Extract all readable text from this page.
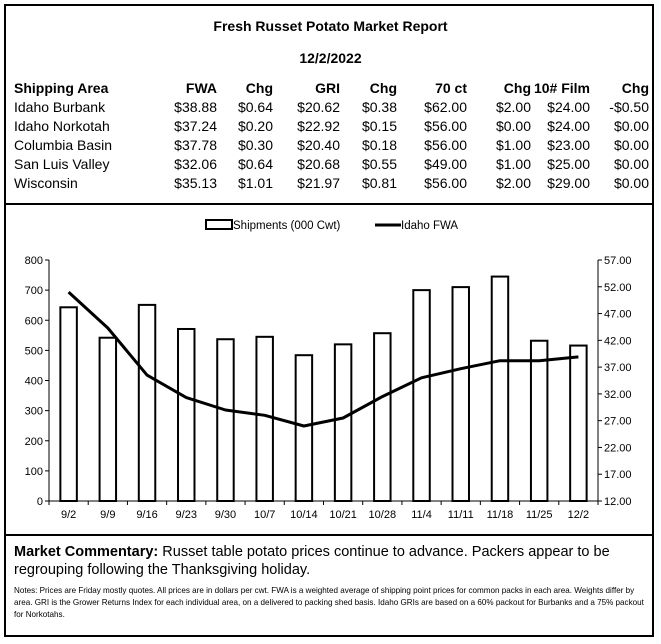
Fresh Russet Potato Market Report
12/2/2022
Shipping Area	FWA	Chg	GRI	Chg	70 ct	Chg	10# Film	Chg
Idaho Burbank	$38.88	$0.64	$20.62	$0.38	$62.00	$2.00	$24.00	-$0.50
Idaho Norkotah	$37.24	$0.20	$22.92	$0.15	$56.00	$0.00	$24.00	$0.00
Columbia Basin	$37.78	$0.30	$20.40	$0.18	$56.00	$1.00	$23.00	$0.00
San Luis Valley	$32.06	$0.64	$20.68	$0.55	$49.00	$1.00	$25.00	$0.00
Wisconsin	$35.13	$1.01	$21.97	$0.81	$56.00	$2.00	$29.00	$0.00
Shipments (000 Cwt)	Idaho FWA
0
100
200
300
400
500
600
700
800
12.00
17.00
22.00
27.00
32.00
37.00
42.00
47.00
52.00
57.00
9/2 9/9 9/16 9/23 9/30 10/7 10/14 10/21 10/28 11/4 11/11 11/18 11/25 12/2
Market Commentary: Russet table potato prices continue to advance. Packers appear to be regrouping following the Thanksgiving holiday.
Notes: Prices are Friday mostly quotes. All prices are in dollars per cwt. FWA is a weighted average of shipping point prices for common packs in each area. Weights differ by area. GRI is the Grower Returns Index for each individual area, on a delivered to packing shed basis. Idaho GRIs are based on a 60% packout for Burbanks and a 75% packout for Norkotahs.
